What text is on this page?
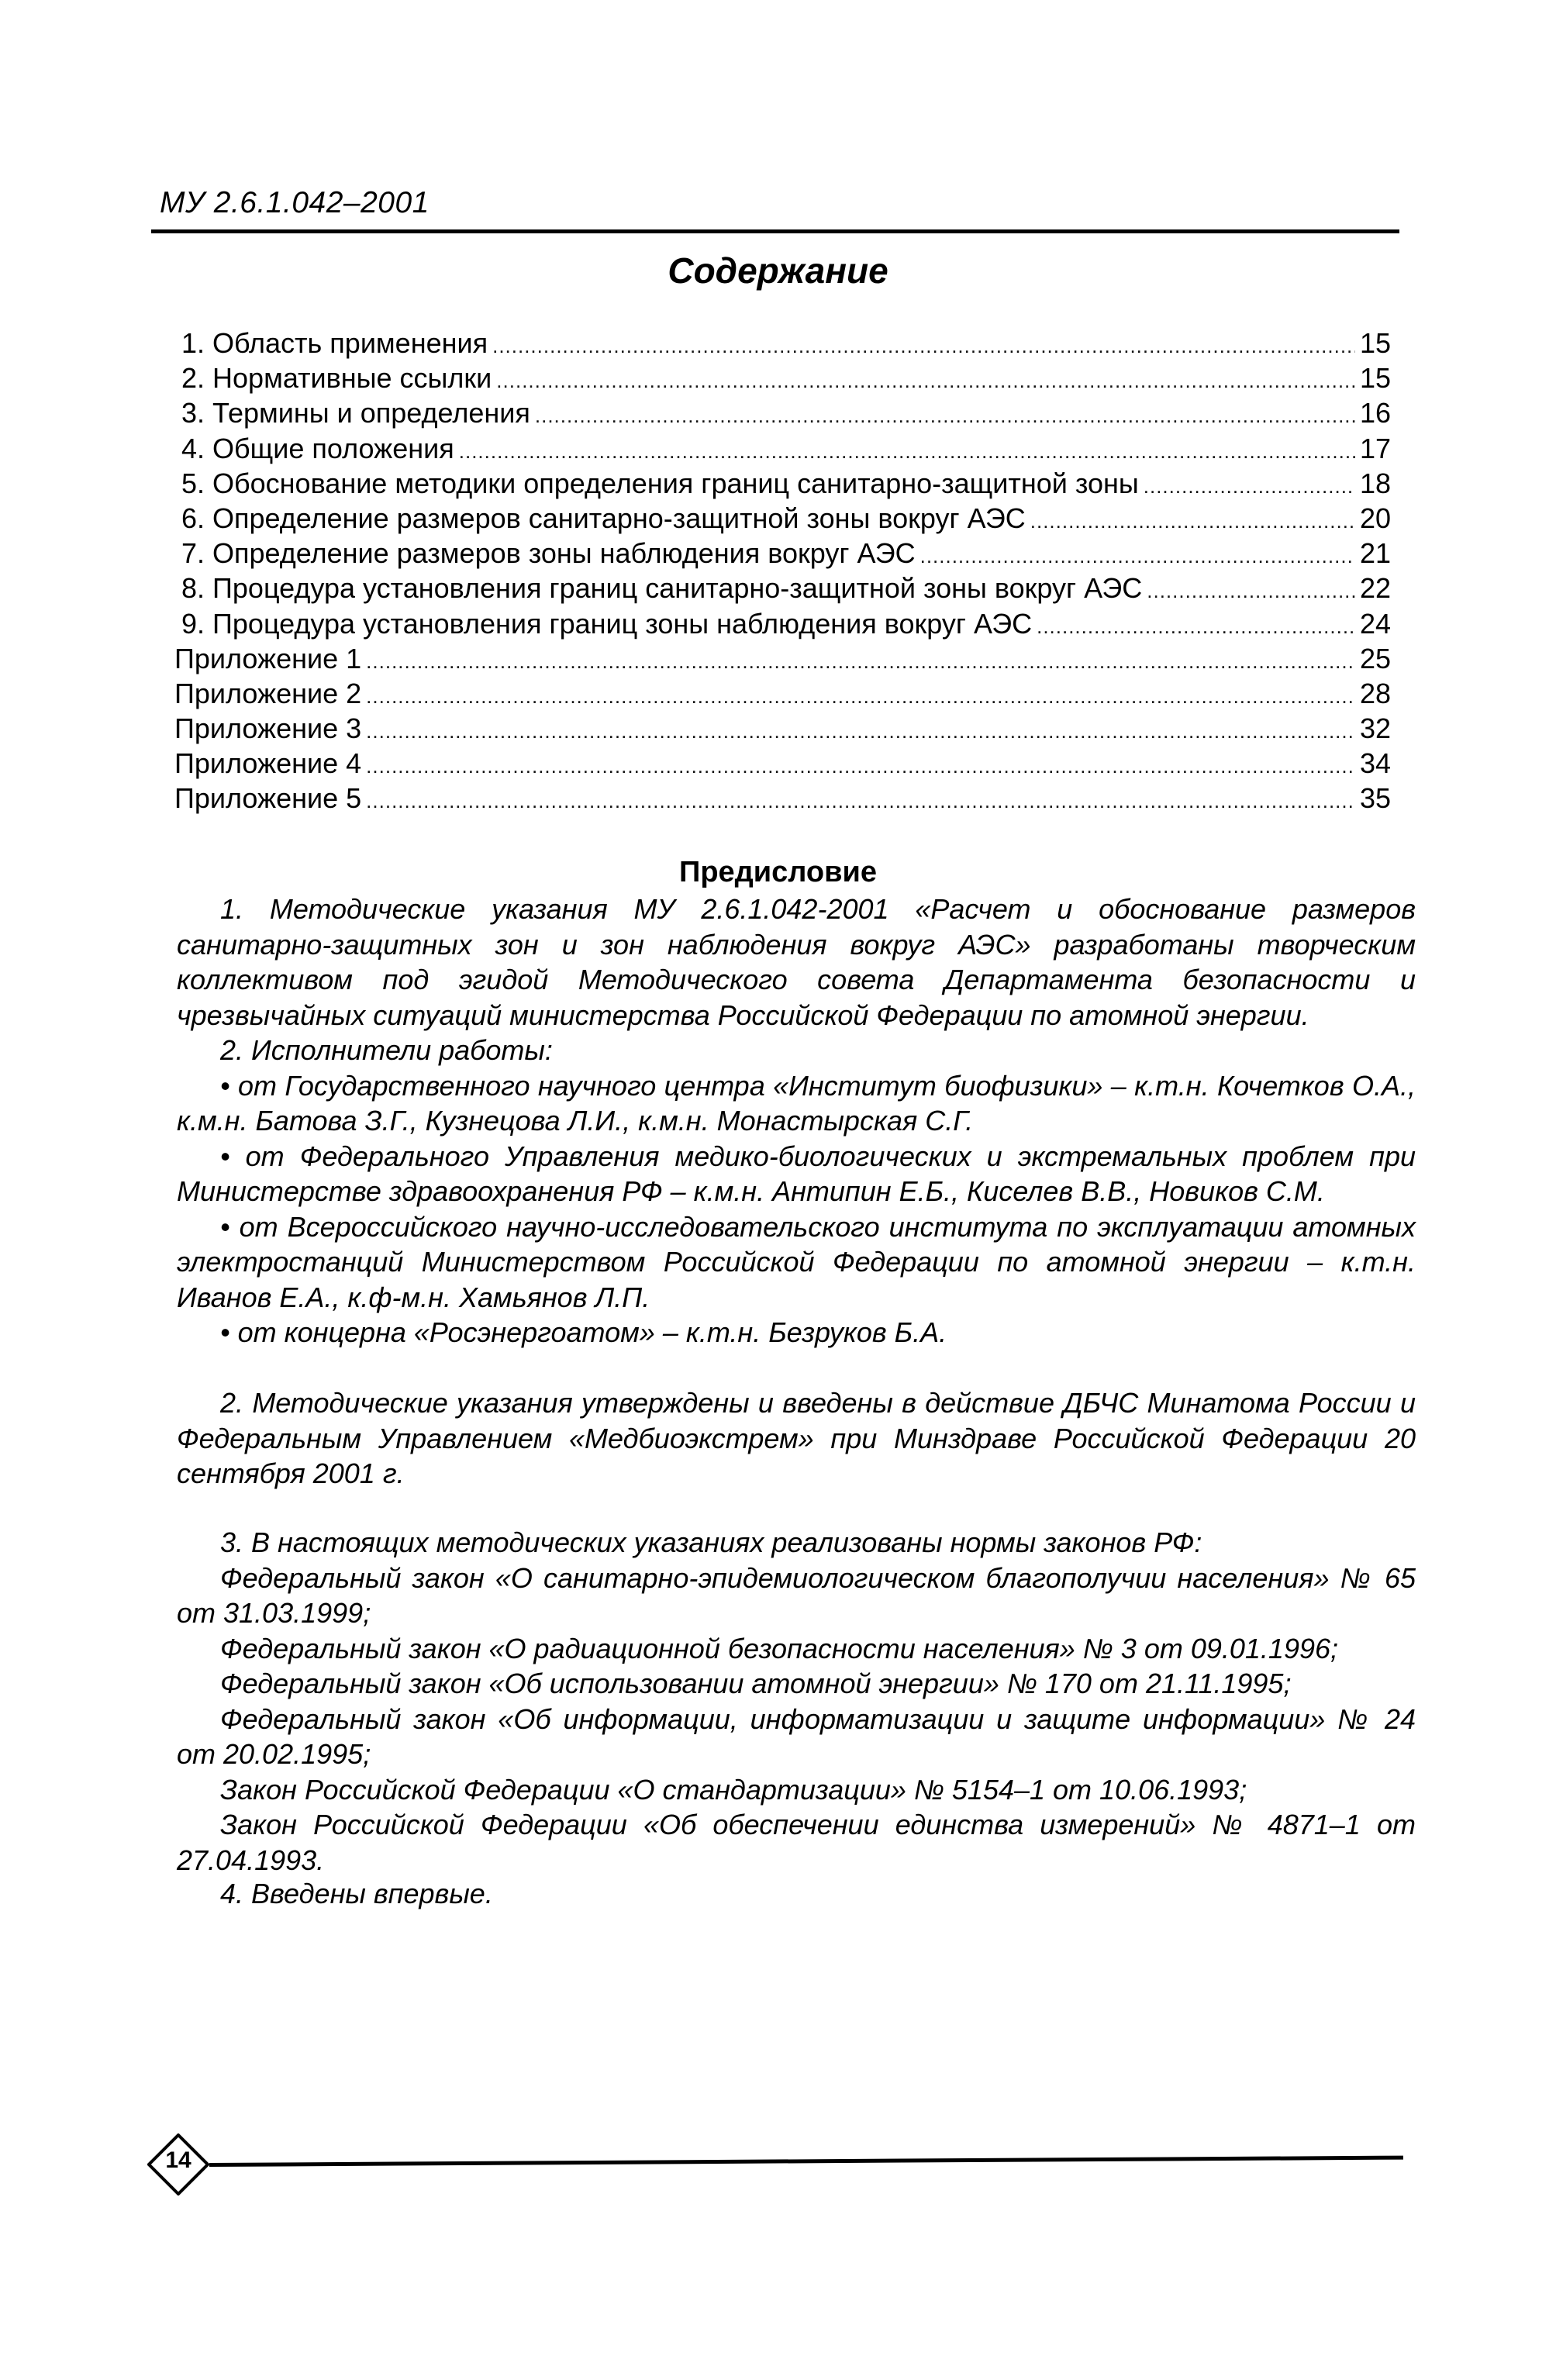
МУ 2.6.1.042–2001
Содержание
1. Область применения .....	15
2. Нормативные ссылки .....	15
3. Термины и определения .....	16
4. Общие положения .....	17
5. Обоснование методики определения границ санитарно-защитной зоны .....	18
6. Определение размеров санитарно-защитной зоны вокруг АЭС .....	20
7. Определение размеров зоны наблюдения вокруг АЭС .....	21
8. Процедура установления границ санитарно-защитной зоны вокруг АЭС .....	22
9. Процедура установления границ зоны наблюдения вокруг АЭС .....	24
Приложение 1 .....	25
Приложение 2 .....	28
Приложение 3 .....	32
Приложение 4 .....	34
Приложение 5 .....	35
Предисловие

1. Методические указания МУ 2.6.1.042-2001 «Расчет и обоснование размеров санитарно-защитных зон и зон наблюдения вокруг АЭС» разработаны творческим коллективом под эгидой Методического совета Департамента безопасности и чрезвычайных ситуаций министерства Российской Федерации по атомной энергии.

2. Исполнители работы:

• от Государственного научного центра «Институт биофизики» – к.т.н. Кочетков О.А., к.м.н. Батова З.Г., Кузнецова Л.И., к.м.н. Монастырская С.Г.

• от Федерального Управления медико-биологических и экстремальных проблем при Министерстве здравоохранения РФ – к.м.н. Антипин Е.Б., Киселев В.В., Новиков С.М.

• от Всероссийского научно-исследовательского института по эксплуатации атомных электростанций Министерством Российской Федерации по атомной энергии – к.т.н. Иванов Е.А., к.ф-м.н. Хамьянов Л.П.

• от концерна «Росэнергоатом» – к.т.н. Безруков Б.А.

2. Методические указания утверждены и введены в действие ДБЧС Минатома России и Федеральным Управлением «Медбиоэкстрем» при Минздраве Российской Федерации 20 сентября 2001 г.

3. В настоящих методических указаниях реализованы нормы законов РФ:

Федеральный закон «О санитарно-эпидемиологическом благополучии населения» № 65 от 31.03.1999;

Федеральный закон «О радиационной безопасности населения» № 3 от 09.01.1996;

Федеральный закон «Об использовании атомной энергии» № 170 от 21.11.1995;

Федеральный закон «Об информации, информатизации и защите информации» № 24 от 20.02.1995;

Закон Российской Федерации «О стандартизации» № 5154–1 от 10.06.1993;

Закон Российской Федерации «Об обеспечении единства измерений» № 4871–1 от 27.04.1993.

4. Введены впервые.

14
